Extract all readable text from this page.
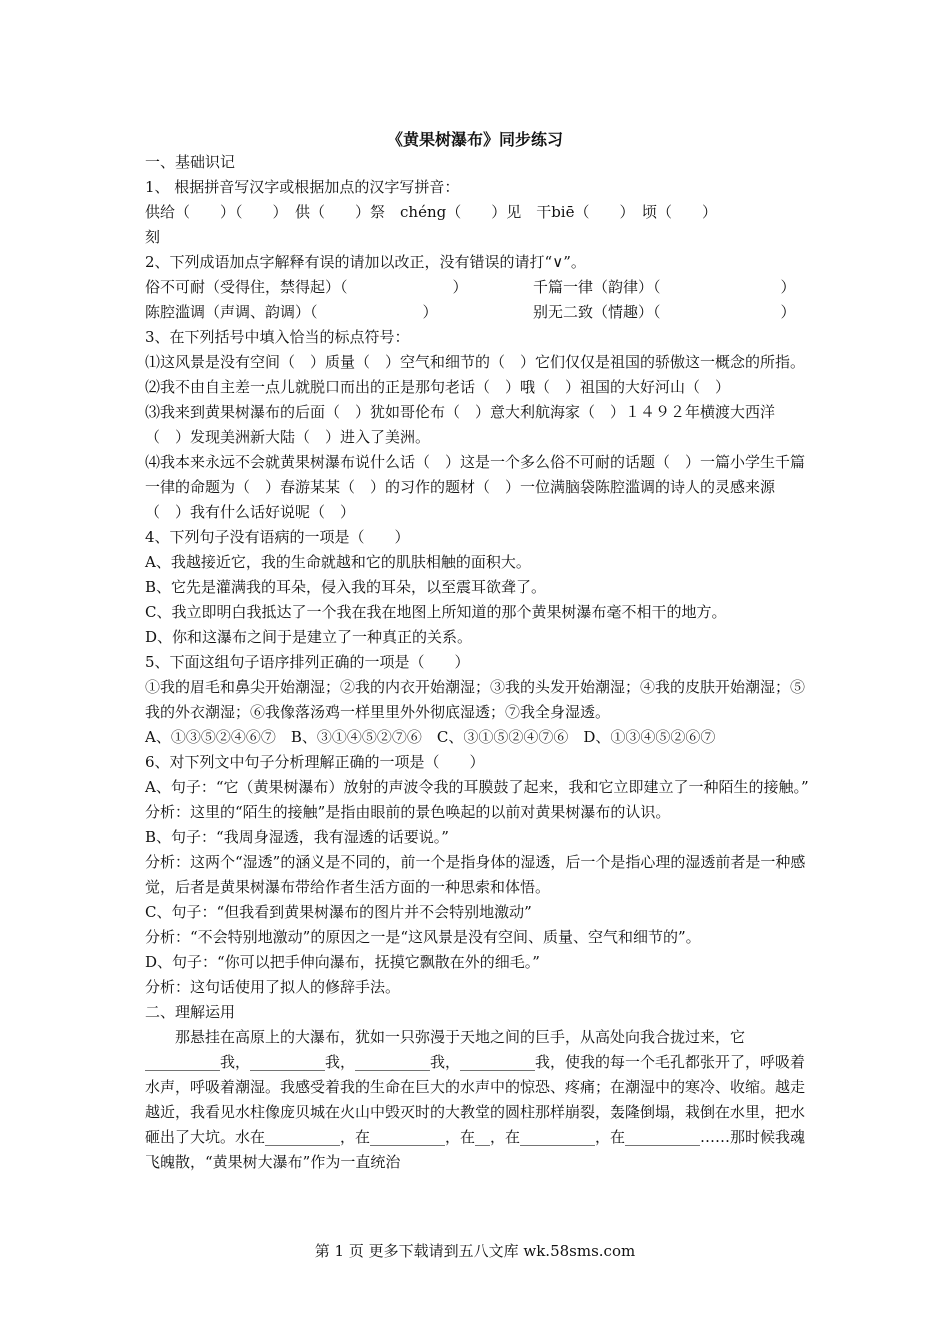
《黄果树瀑布》同步练习
一、基础识记
1、 根据拼音写汉字或根据加点的汉字写拼音：
供给（　　）（　　）　供（　　）祭　chéng（　　）见　干biē（　　）　顷（　　）
刻
2、下列成语加点字解释有误的请加以改正，没有错误的请打“∨”。
俗不可耐（受得住，禁得起）（　　　　　　　）	千篇一律（韵律）（　　　　　　　　）
陈腔滥调（声调、韵调）（　　　　　　　）	别无二致（情趣）（　　　　　　　　）
3、在下列括号中填入恰当的标点符号：
⑴这风景是没有空间（　）质量（　）空气和细节的（　）它们仅仅是祖国的骄傲这一概念的所指。
⑵我不由自主差一点儿就脱口而出的正是那句老话（　）哦（　）祖国的大好河山（　）
⑶我来到黄果树瀑布的后面（　）犹如哥伦布（　）意大利航海家（　）１４９２年横渡大西洋（　）发现美洲新大陆（　）进入了美洲。
⑷我本来永远不会就黄果树瀑布说什么话（　）这是一个多么俗不可耐的话题（　）一篇小学生千篇一律的命题为（　）春游某某（　）的习作的题材（　）一位满脑袋陈腔滥调的诗人的灵感来源（　）我有什么话好说呢（　）
4、下列句子没有语病的一项是（　　）
A、我越接近它，我的生命就越和它的肌肤相触的面积大。
B、它先是灌满我的耳朵，侵入我的耳朵，以至震耳欲聋了。
C、我立即明白我抵达了一个我在我在地图上所知道的那个黄果树瀑布毫不相干的地方。
D、你和这瀑布之间于是建立了一种真正的关系。
5、下面这组句子语序排列正确的一项是（　　）
①我的眉毛和鼻尖开始潮湿；②我的内衣开始潮湿；③我的头发开始潮湿；④我的皮肤开始潮湿；⑤我的外衣潮湿；⑥我像落汤鸡一样里里外外彻底湿透；⑦我全身湿透。
A、①③⑤②④⑥⑦　B、③①④⑤②⑦⑥　C、③①⑤②④⑦⑥　D、①③④⑤②⑥⑦
6、对下列文中句子分析理解正确的一项是（　　）
A、句子：“它（黄果树瀑布）放射的声波令我的耳膜鼓了起来，我和它立即建立了一种陌生的接触。”
分析：这里的“陌生的接触”是指由眼前的景色唤起的以前对黄果树瀑布的认识。
B、句子：“我周身湿透，我有湿透的话要说。”
分析：这两个“湿透”的涵义是不同的，前一个是指身体的湿透，后一个是指心理的湿透前者是一种感觉，后者是黄果树瀑布带给作者生活方面的一种思索和体悟。
C、句子：“但我看到黄果树瀑布的图片并不会特别地激动”
分析：“不会特别地激动”的原因之一是“这风景是没有空间、质量、空气和细节的”。
D、句子：“你可以把手伸向瀑布，抚摸它飘散在外的细毛。”
分析：这句话使用了拟人的修辞手法。
二、理解运用
那悬挂在高原上的大瀑布，犹如一只弥漫于天地之间的巨手，从高处向我合拢过来，它__________我，__________我，__________我，__________我，使我的每一个毛孔都张开了，呼吸着水声，呼吸着潮湿。我感受着我的生命在巨大的水声中的惊恐、疼痛；在潮湿中的寒冷、收缩。越走越近，我看见水柱像庞贝城在火山中毁灭时的大教堂的圆柱那样崩裂，轰隆倒塌，栽倒在水里，把水砸出了大坑。水在__________，在__________，在__，在__________，在__________……那时候我魂飞魄散，“黄果树大瀑布”作为一直统治
第 1 页 更多下载请到五八文库 wk.58sms.com
